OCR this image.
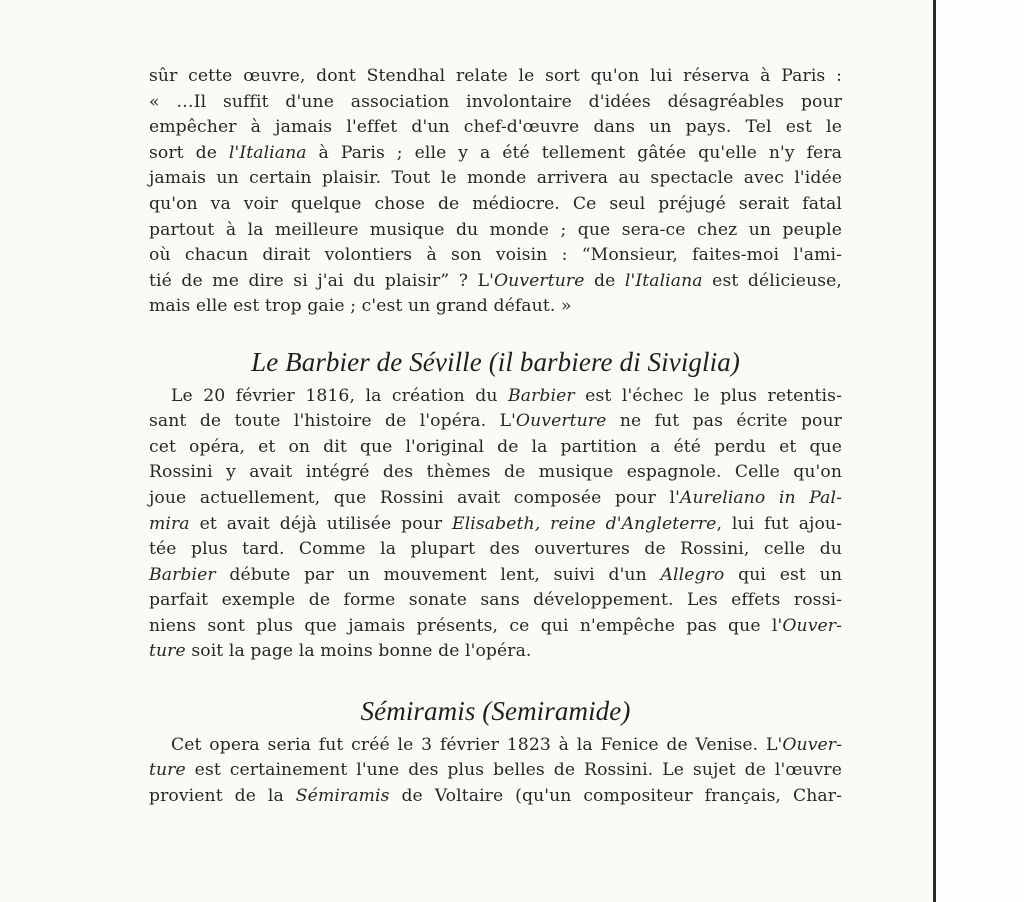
sûr cette œuvre, dont Stendhal relate le sort qu'on lui réserva à Paris :
« …Il suffit d'une association involontaire d'idées désagréables pour
empêcher à jamais l'effet d'un chef-d'œuvre dans un pays. Tel est le
sort de l'Italiana à Paris ; elle y a été tellement gâtée qu'elle n'y fera
jamais un certain plaisir. Tout le monde arrivera au spectacle avec l'idée
qu'on va voir quelque chose de médiocre. Ce seul préjugé serait fatal
partout à la meilleure musique du monde ; que sera-ce chez un peuple
où chacun dirait volontiers à son voisin : “Monsieur, faites-moi l'ami-
tié de me dire si j'ai du plaisir” ? L'Ouverture de l'Italiana est délicieuse,
mais elle est trop gaie ; c'est un grand défaut. »
Le Barbier de Séville (il barbiere di Siviglia)
Le 20 février 1816, la création du Barbier est l'échec le plus retentis-
sant de toute l'histoire de l'opéra. L'Ouverture ne fut pas écrite pour
cet opéra, et on dit que l'original de la partition a été perdu et que
Rossini y avait intégré des thèmes de musique espagnole. Celle qu'on
joue actuellement, que Rossini avait composée pour l'Aureliano in Pal-
mira et avait déjà utilisée pour Elisabeth, reine d'Angleterre, lui fut ajou-
tée plus tard. Comme la plupart des ouvertures de Rossini, celle du
Barbier débute par un mouvement lent, suivi d'un Allegro qui est un
parfait exemple de forme sonate sans développement. Les effets rossi-
niens sont plus que jamais présents, ce qui n'empêche pas que l'Ouver-
ture soit la page la moins bonne de l'opéra.
Sémiramis (Semiramide)
Cet opera seria fut créé le 3 février 1823 à la Fenice de Venise. L'Ouver-
ture est certainement l'une des plus belles de Rossini. Le sujet de l'œuvre
provient de la Sémiramis de Voltaire (qu'un compositeur français, Char-
